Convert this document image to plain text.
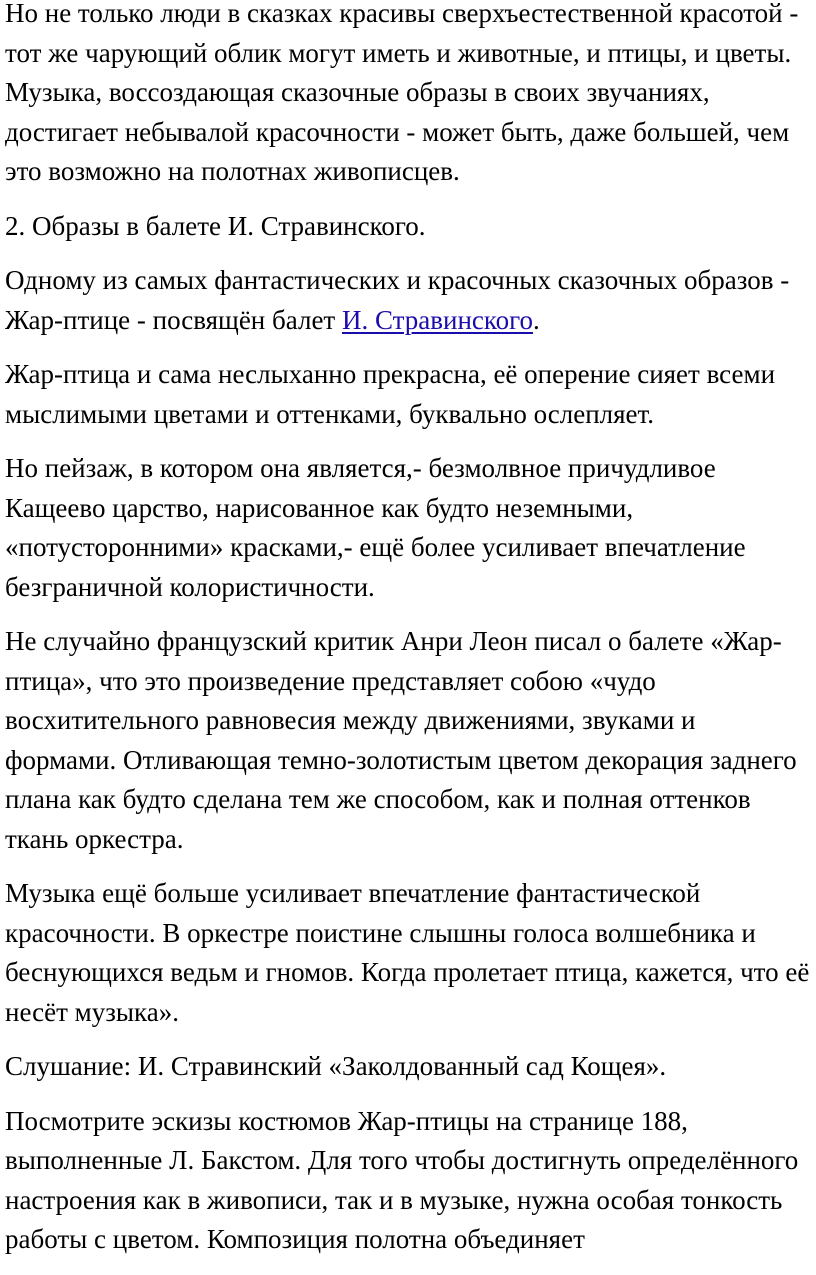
Но не только люди в сказках красивы сверхъестественной красотой - тот же чарующий облик могут иметь и животные, и птицы, и цветы. Музыка, воссоздающая сказочные образы в своих звучаниях, достигает небывалой красочности - может быть, даже большей, чем это возможно на полотнах живописцев.

2. Образы в балете И. Стравинского.

Одному из самых фантастических и красочных сказочных образов - Жар-птице - посвящён балет И. Стравинского.

Жар-птица и сама неслыханно прекрасна, её оперение сияет всеми мыслимыми цветами и оттенками, буквально ослепляет.

Но пейзаж, в котором она является,- безмолвное причудливое Кащеево царство, нарисованное как будто неземными, «потусторонними» красками,- ещё более усиливает впечатление безграничной колористичности.

Не случайно французский критик Анри Леон писал о балете «Жар-птица», что это произведение представляет собою «чудо восхитительного равновесия между движениями, звуками и формами. Отливающая темно-золотистым цветом декорация заднего плана как будто сделана тем же способом, как и полная оттенков ткань оркестра.

Музыка ещё больше усиливает впечатление фантастической красочности. В оркестре поистине слышны голоса волшебника и беснующихся ведьм и гномов. Когда пролетает птица, кажется, что её несёт музыка».

Слушание: И. Стравинский «Заколдованный сад Кощея».

Посмотрите эскизы костюмов Жар-птицы на странице 188, выполненные Л. Бакстом. Для того чтобы достигнуть определённого настроения как в живописи, так и в музыке, нужна особая тонкость работы с цветом. Композиция полотна объединяет
